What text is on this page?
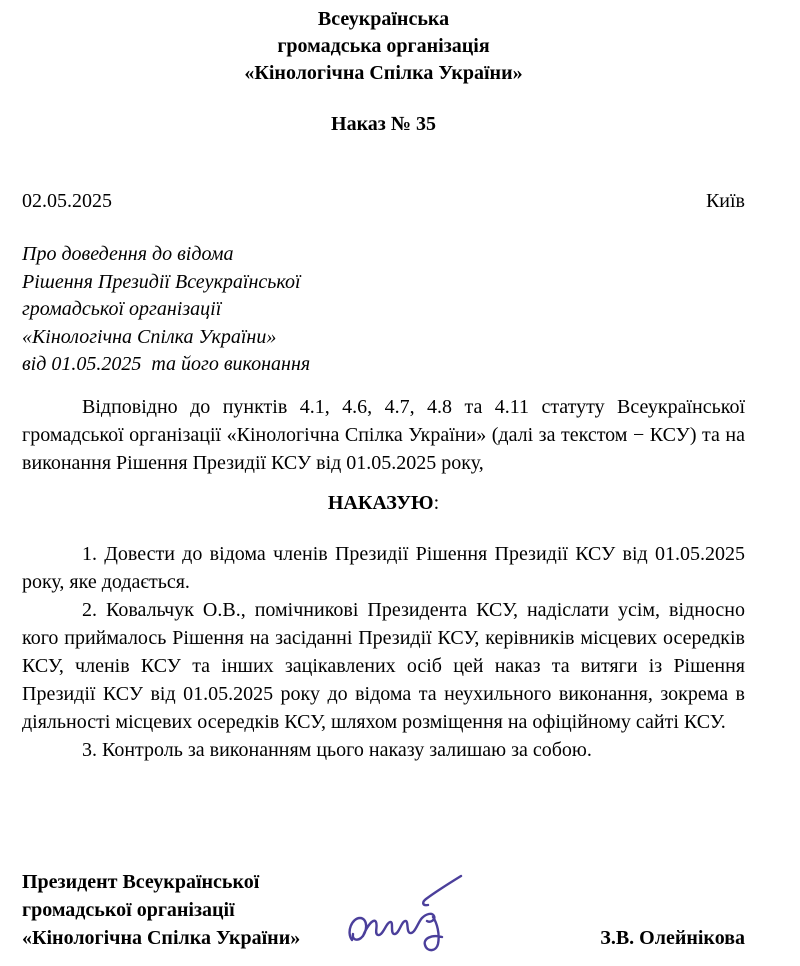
Всеукраїнська
громадська організація
«Кінологічна Спілка України»
Наказ № 35
02.05.2025	Київ
Про доведення до відома
Рішення Президії Всеукраїнської
громадської організації
«Кінологічна Спілка України»
від 01.05.2025  та його виконання

Відповідно до пунктів 4.1, 4.6, 4.7, 4.8 та 4.11 статуту Всеукраїнської громадської організації «Кінологічна Спілка України» (далі за текстом − КСУ) та на виконання Рішення Президії КСУ від 01.05.2025 року,

НАКАЗУЮ:

1. Довести до відома членів Президії Рішення Президії КСУ від 01.05.2025 року, яке додається.

2. Ковальчук О.В., помічникові Президента КСУ, надіслати усім, відносно кого приймалось Рішення на засіданні Президії КСУ, керівників місцевих осередків КСУ, членів КСУ та інших зацікавлених осіб цей наказ та витяги із Рішення Президії КСУ від 01.05.2025 року до відома та неухильного виконання, зокрема в діяльності місцевих осередків КСУ, шляхом розміщення на офіційному сайті КСУ.

3. Контроль за виконанням цього наказу залишаю за собою.

Президент Всеукраїнської
громадської організації
«Кінологічна Спілка України»	З.В. Олейнікова
